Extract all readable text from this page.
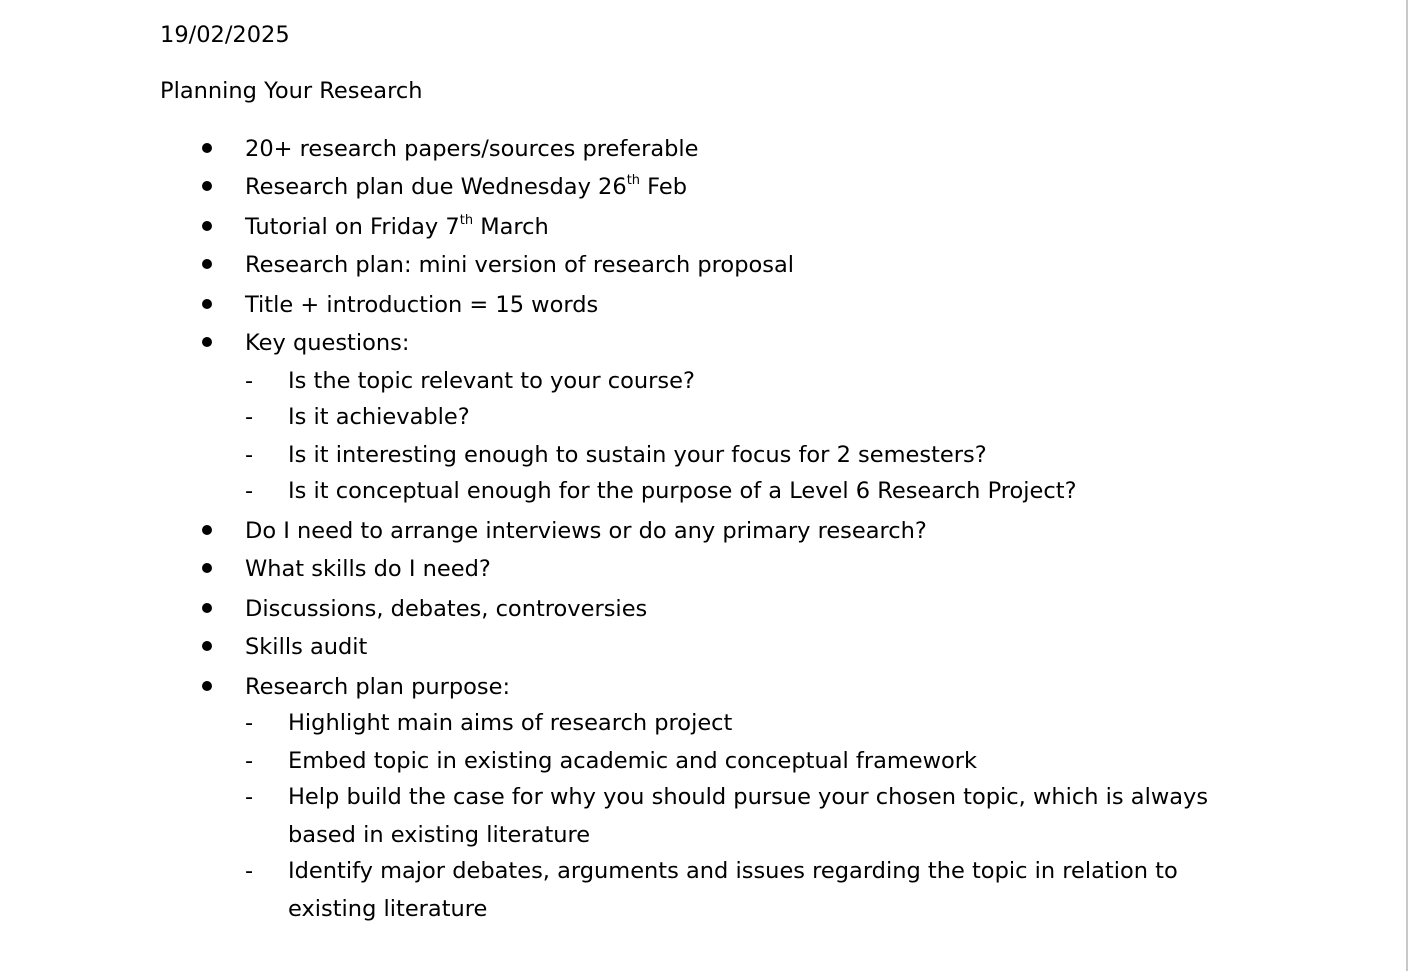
19/02/2025
Planning Your Research
20+ research papers/sources preferable
Research plan due Wednesday 26th Feb
Tutorial on Friday 7th March
Research plan: mini version of research proposal
Title + introduction = 15 words
Key questions:
- Is the topic relevant to your course?
- Is it achievable?
- Is it interesting enough to sustain your focus for 2 semesters?
- Is it conceptual enough for the purpose of a Level 6 Research Project?
Do I need to arrange interviews or do any primary research?
What skills do I need?
Discussions, debates, controversies
Skills audit
Research plan purpose:
- Highlight main aims of research project
- Embed topic in existing academic and conceptual framework
- Help build the case for why you should pursue your chosen topic, which is always
based in existing literature
- Identify major debates, arguments and issues regarding the topic in relation to
existing literature
